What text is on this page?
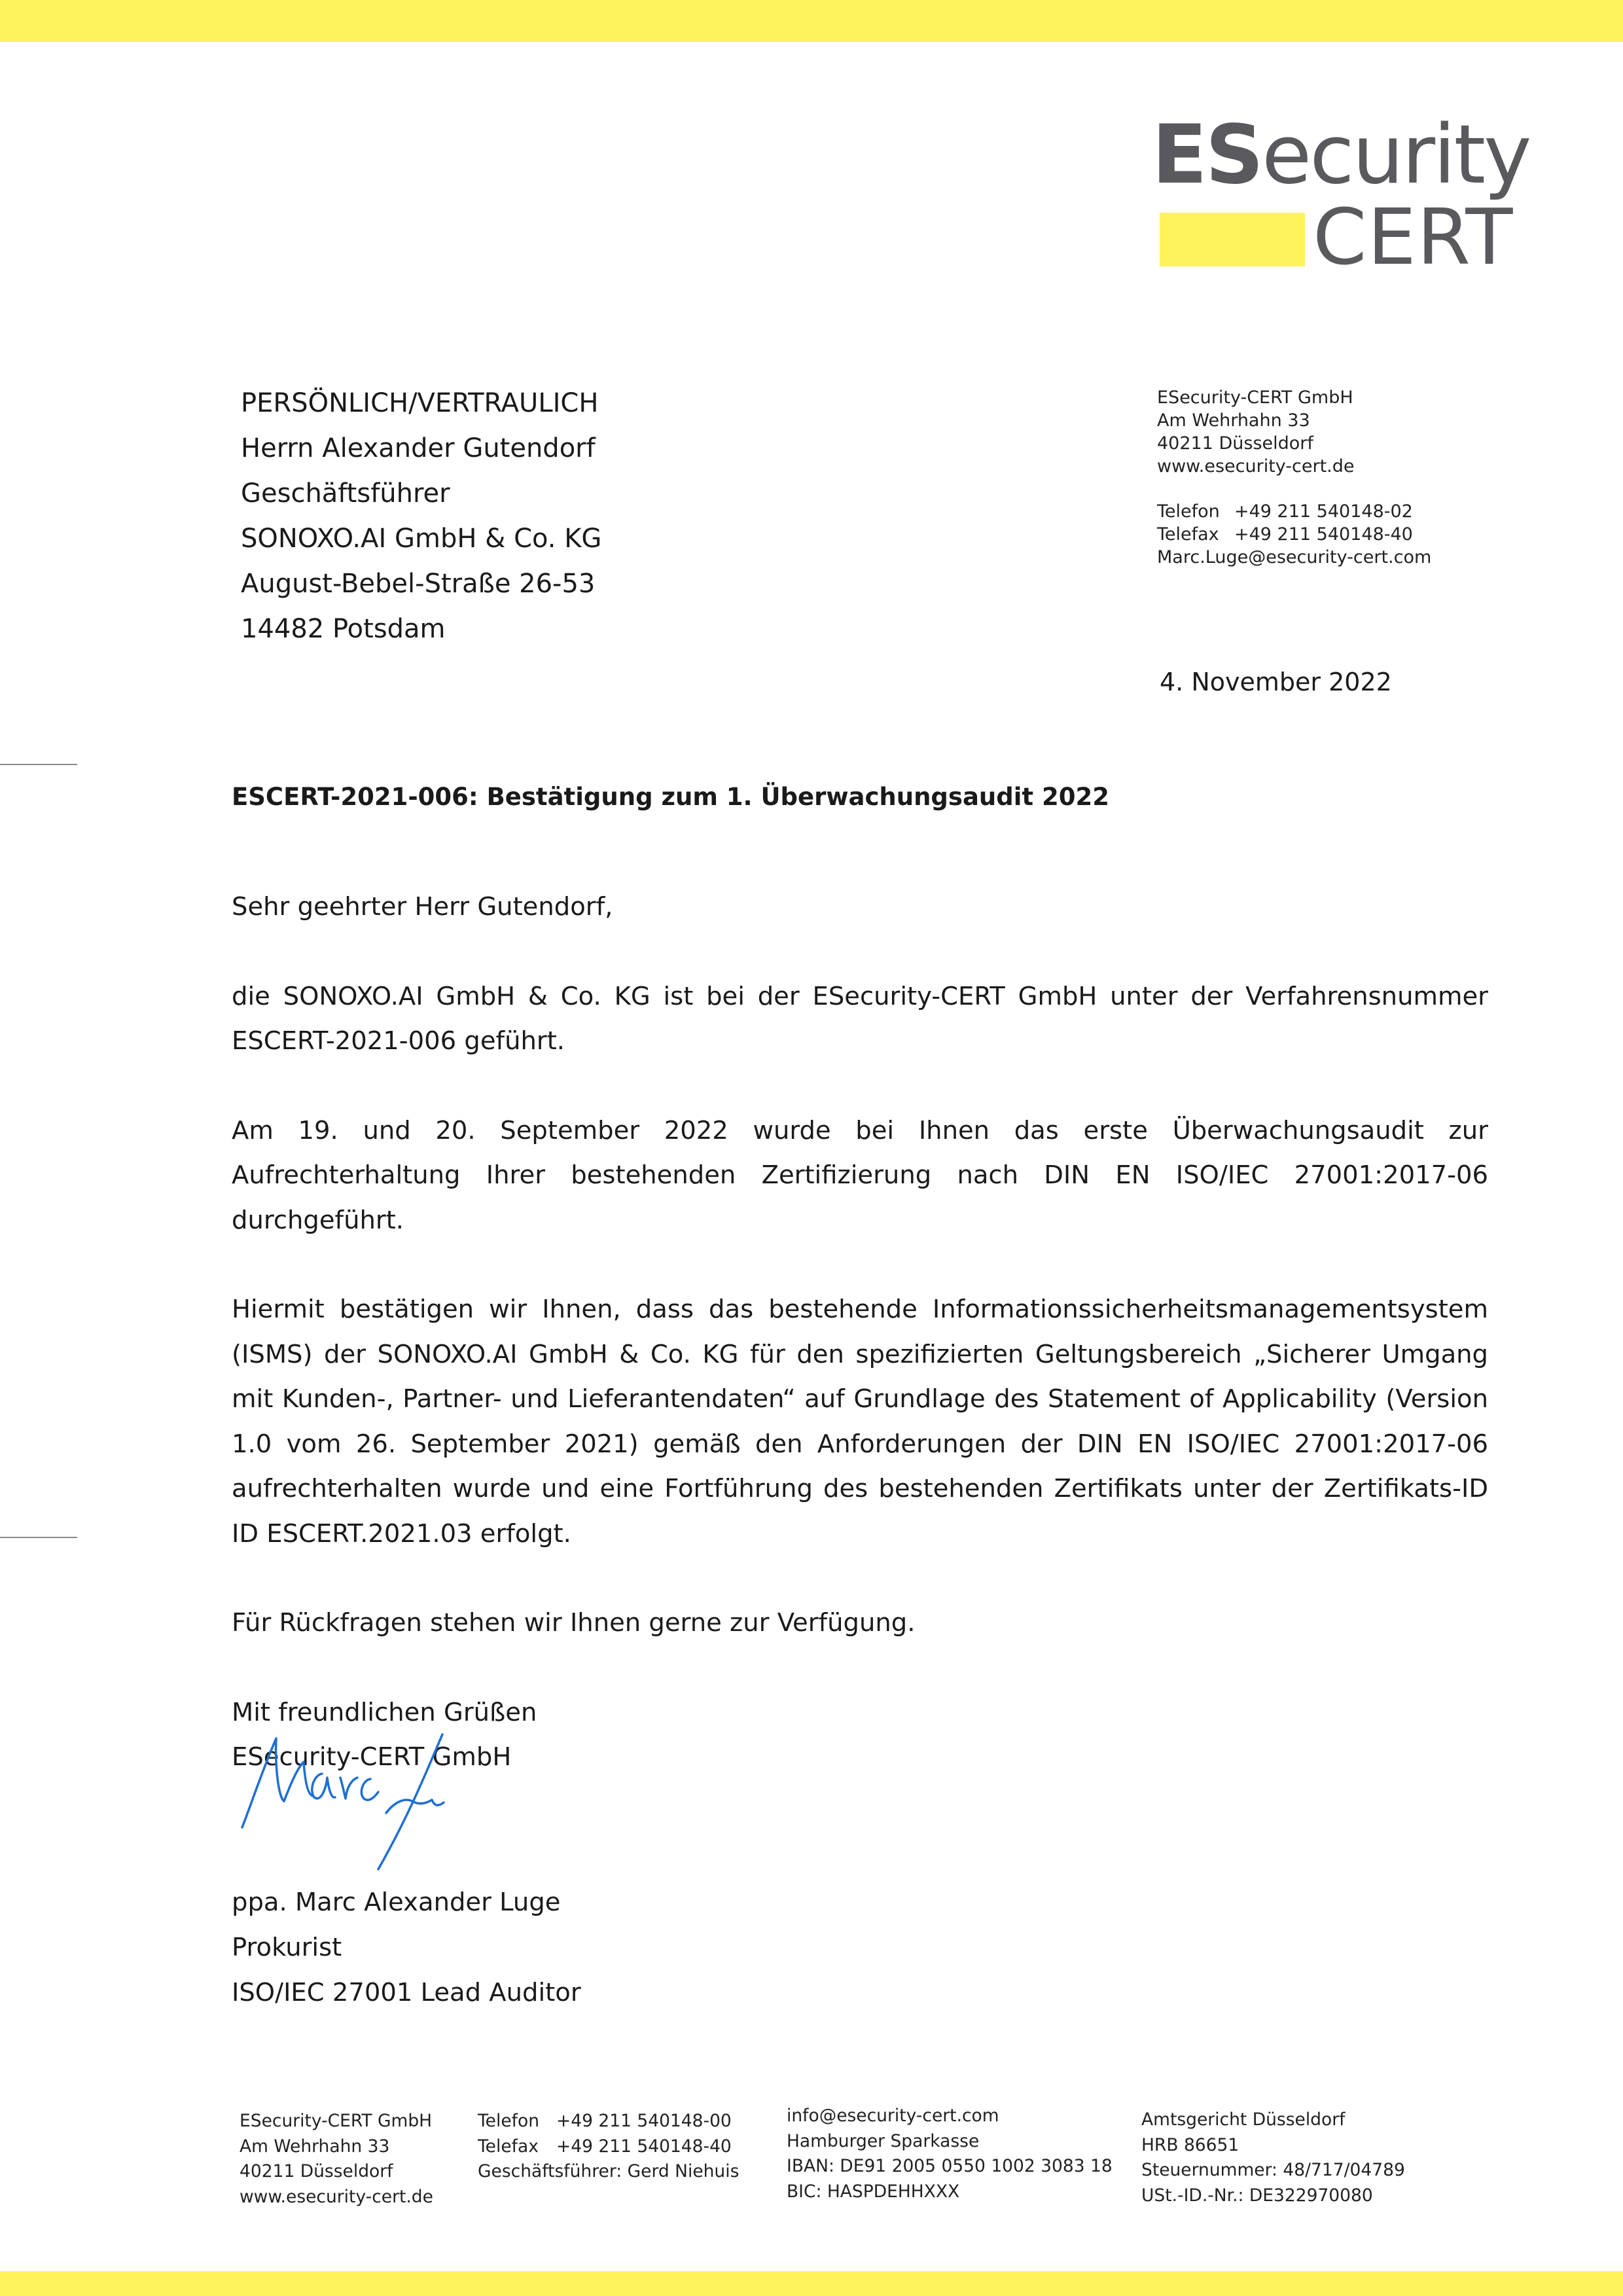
ESecurity
CERT
PERSÖNLICH/VERTRAULICH
Herrn Alexander Gutendorf
Geschäftsführer
SONOXO.AI GmbH & Co. KG
August-Bebel-Straße 26-53
14482 Potsdam
ESecurity-CERT GmbH
Am Wehrhahn 33
40211 Düsseldorf
www.esecurity-cert.de
Telefon +49 211 540148-02
Telefax +49 211 540148-40
Marc.Luge@esecurity-cert.com
4. November 2022
ESCERT-2021-006: Bestätigung zum 1. Überwachungsaudit 2022

Sehr geehrter Herr Gutendorf,

die SONOXO.AI GmbH & Co. KG ist bei der ESecurity-CERT GmbH unter der Verfahrensnummer ESCERT-2021-006 geführt.

Am 19. und 20. September 2022 wurde bei Ihnen das erste Überwachungsaudit zur Aufrechterhaltung Ihrer bestehenden Zertifizierung nach DIN EN ISO/IEC 27001:2017-06 durchgeführt.

Hiermit bestätigen wir Ihnen, dass das bestehende Informationssicherheitsmanagementsystem (ISMS) der SONOXO.AI GmbH & Co. KG für den spezifizierten Geltungsbereich „Sicherer Umgang mit Kunden-, Partner- und Lieferantendaten“ auf Grundlage des Statement of Applicability (Version 1.0 vom 26. September 2021) gemäß den Anforderungen der DIN EN ISO/IEC 27001:2017-06 aufrechterhalten wurde und eine Fortführung des bestehenden Zertifikats unter der Zertifikats-ID ID ESCERT.2021.03 erfolgt.

Für Rückfragen stehen wir Ihnen gerne zur Verfügung.

Mit freundlichen Grüßen

ESecurity-CERT GmbH

ppa. Marc Alexander Luge
Prokurist
ISO/IEC 27001 Lead Auditor
ESecurity-CERT GmbH
Am Wehrhahn 33
40211 Düsseldorf
www.esecurity-cert.de
Telefon +49 211 540148-00
Telefax +49 211 540148-40
Geschäftsführer: Gerd Niehuis
info@esecurity-cert.com
Hamburger Sparkasse
IBAN: DE91 2005 0550 1002 3083 18
BIC: HASPDEHHXXX
Amtsgericht Düsseldorf
HRB 86651
Steuernummer: 48/717/04789
USt.-ID.-Nr.: DE322970080
